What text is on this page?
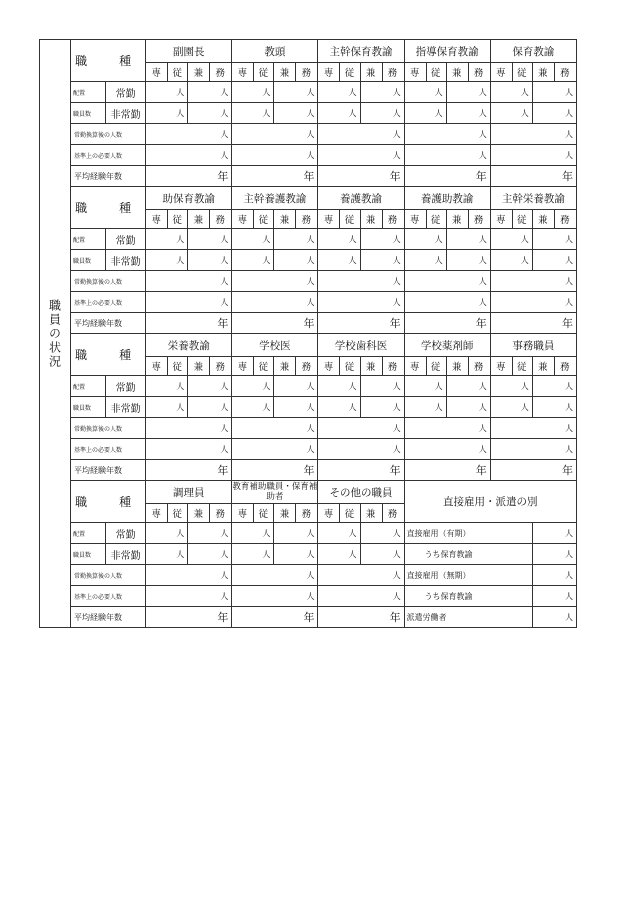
職員の状況	職　種		副園長				教頭				主幹保育教諭				指導保育教諭				保育教諭			
			専	従	兼	務	専	従	兼	務	専	従	兼	務	専	従	兼	務	専	従	兼	務
	配置	常勤	人		人		人		人		人		人		人		人		人		人	
	職員数	非常勤	人		人		人		人		人		人		人		人		人		人	
	常勤換算後の人数		人				人				人				人				人			
	基準上の必要人数		人				人				人				人				人			
	平均経験年数		年				年				年				年				年			
	職　種		助保育教諭				主幹養護教諭				養護教諭				養護助教諭				主幹栄養教諭			
			専	従	兼	務	専	従	兼	務	専	従	兼	務	専	従	兼	務	専	従	兼	務
	配置	常勤	人		人		人		人		人		人		人		人		人		人	
	職員数	非常勤	人		人		人		人		人		人		人		人		人		人	
	常勤換算後の人数		人				人				人				人				人			
	基準上の必要人数		人				人				人				人				人			
	平均経験年数		年				年				年				年				年			
	職　種		栄養教諭				学校医				学校歯科医				学校薬剤師				事務職員			
			専	従	兼	務	専	従	兼	務	専	従	兼	務	専	従	兼	務	専	従	兼	務
	配置	常勤	人		人		人		人		人		人		人		人		人		人	
	職員数	非常勤	人		人		人		人		人		人		人		人		人		人	
	常勤換算後の人数		人				人				人				人				人			
	基準上の必要人数		人				人				人				人				人			
	平均経験年数		年				年				年				年				年			
	職　種		調理員				教育補助職員・保育補助者				その他の職員				直接雇用・派遣の別							
			専	従	兼	務	専	従	兼	務	専	従	兼	務								
	配置	常勤	人		人		人		人		人		人		直接雇用（有期）						人	
	職員数	非常勤	人		人		人		人		人		人		うち保育教諭						人	
	常勤換算後の人数		人				人				人				直接雇用（無期）						人	
	基準上の必要人数		人				人				人				うち保育教諭						人	
	平均経験年数		年				年				年				派遣労働者						人	
